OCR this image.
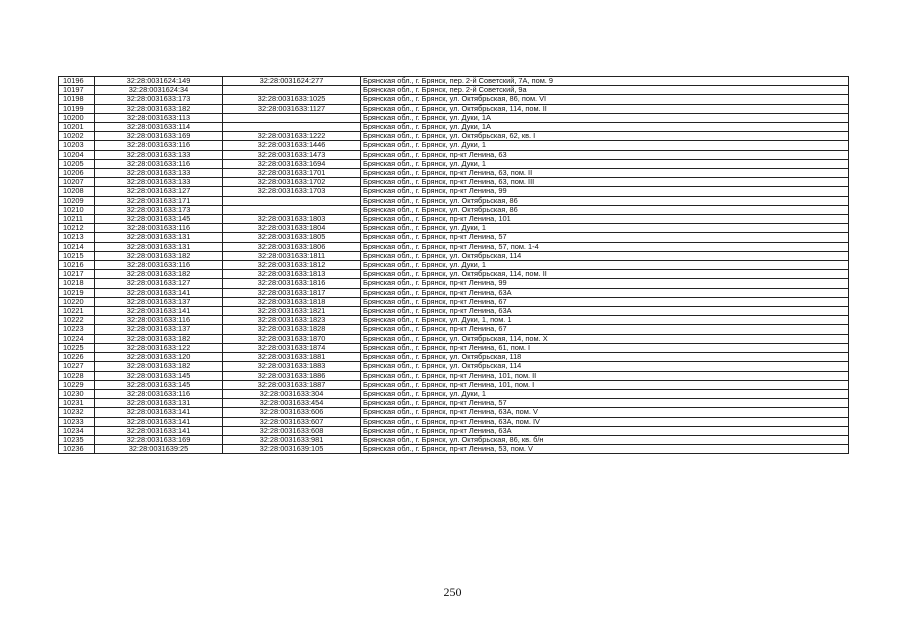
10196	32:28:0031624:149	32:28:0031624:277	Брянская обл., г. Брянск, пер. 2-й Советский, 7А, пом. 9
10197	32:28:0031624:34		Брянская обл., г. Брянск, пер. 2-й Советский, 9а
10198	32:28:0031633:173	32:28:0031633:1025	Брянская обл., г. Брянск, ул. Октябрьская, 86, пом. VI
10199	32:28:0031633:182	32:28:0031633:1127	Брянская обл., г. Брянск, ул. Октябрьская, 114, пом. II
10200	32:28:0031633:113		Брянская обл., г. Брянск, ул. Дуки, 1А
10201	32:28:0031633:114		Брянская обл., г. Брянск, ул. Дуки, 1А
10202	32:28:0031633:169	32:28:0031633:1222	Брянская обл., г. Брянск, ул. Октябрьская, 62, кв. I
10203	32:28:0031633:116	32:28:0031633:1446	Брянская обл., г. Брянск, ул. Дуки, 1
10204	32:28:0031633:133	32:28:0031633:1473	Брянская обл., г. Брянск, пр-кт Ленина, 63
10205	32:28:0031633:116	32:28:0031633:1694	Брянская обл., г. Брянск, ул. Дуки, 1
10206	32:28:0031633:133	32:28:0031633:1701	Брянская обл., г. Брянск, пр-кт Ленина, 63, пом. II
10207	32:28:0031633:133	32:28:0031633:1702	Брянская обл., г. Брянск, пр-кт Ленина, 63, пом. III
10208	32:28:0031633:127	32:28:0031633:1703	Брянская обл., г. Брянск, пр-кт Ленина, 99
10209	32:28:0031633:171		Брянская обл., г. Брянск, ул. Октябрьская, 86
10210	32:28:0031633:173		Брянская обл., г. Брянск, ул. Октябрьская, 86
10211	32:28:0031633:145	32:28:0031633:1803	Брянская обл., г. Брянск, пр-кт Ленина, 101
10212	32:28:0031633:116	32:28:0031633:1804	Брянская обл., г. Брянск, ул. Дуки, 1
10213	32:28:0031633:131	32:28:0031633:1805	Брянская обл., г. Брянск, пр-кт Ленина, 57
10214	32:28:0031633:131	32:28:0031633:1806	Брянская обл., г. Брянск, пр-кт Ленина, 57, пом. 1-4
10215	32:28:0031633:182	32:28:0031633:1811	Брянская обл., г. Брянск, ул. Октябрьская, 114
10216	32:28:0031633:116	32:28:0031633:1812	Брянская обл., г. Брянск, ул. Дуки, 1
10217	32:28:0031633:182	32:28:0031633:1813	Брянская обл., г. Брянск, ул. Октябрьская, 114, пом. II
10218	32:28:0031633:127	32:28:0031633:1816	Брянская обл., г. Брянск, пр-кт Ленина, 99
10219	32:28:0031633:141	32:28:0031633:1817	Брянская обл., г. Брянск, пр-кт Ленина, 63А
10220	32:28:0031633:137	32:28:0031633:1818	Брянская обл., г. Брянск, пр-кт Ленина, 67
10221	32:28:0031633:141	32:28:0031633:1821	Брянская обл., г. Брянск, пр-кт Ленина, 63А
10222	32:28:0031633:116	32:28:0031633:1823	Брянская обл., г. Брянск, ул. Дуки, 1, пом. 1
10223	32:28:0031633:137	32:28:0031633:1828	Брянская обл., г. Брянск, пр-кт Ленина, 67
10224	32:28:0031633:182	32:28:0031633:1870	Брянская обл., г. Брянск, ул. Октябрьская, 114, пом. X
10225	32:28:0031633:122	32:28:0031633:1874	Брянская обл., г. Брянск, пр-кт Ленина, 61, пом. I
10226	32:28:0031633:120	32:28:0031633:1881	Брянская обл., г. Брянск, ул. Октябрьская, 118
10227	32:28:0031633:182	32:28:0031633:1883	Брянская обл., г. Брянск, ул. Октябрьская, 114
10228	32:28:0031633:145	32:28:0031633:1886	Брянская обл., г. Брянск, пр-кт Ленина, 101, пом. II
10229	32:28:0031633:145	32:28:0031633:1887	Брянская обл., г. Брянск, пр-кт Ленина, 101, пом. I
10230	32:28:0031633:116	32:28:0031633:304	Брянская обл., г. Брянск, ул. Дуки, 1
10231	32:28:0031633:131	32:28:0031633:454	Брянская обл., г. Брянск, пр-кт Ленина, 57
10232	32:28:0031633:141	32:28:0031633:606	Брянская обл., г. Брянск, пр-кт Ленина, 63А, пом. V
10233	32:28:0031633:141	32:28:0031633:607	Брянская обл., г. Брянск, пр-кт Ленина, 63А, пом. IV
10234	32:28:0031633:141	32:28:0031633:608	Брянская обл., г. Брянск, пр-кт Ленина, 63А
10235	32:28:0031633:169	32:28:0031633:981	Брянская обл., г. Брянск, ул. Октябрьская, 86, кв. б/н
10236	32:28:0031639:25	32:28:0031639:105	Брянская обл., г. Брянск, пр-кт Ленина, 53, пом. V
250
